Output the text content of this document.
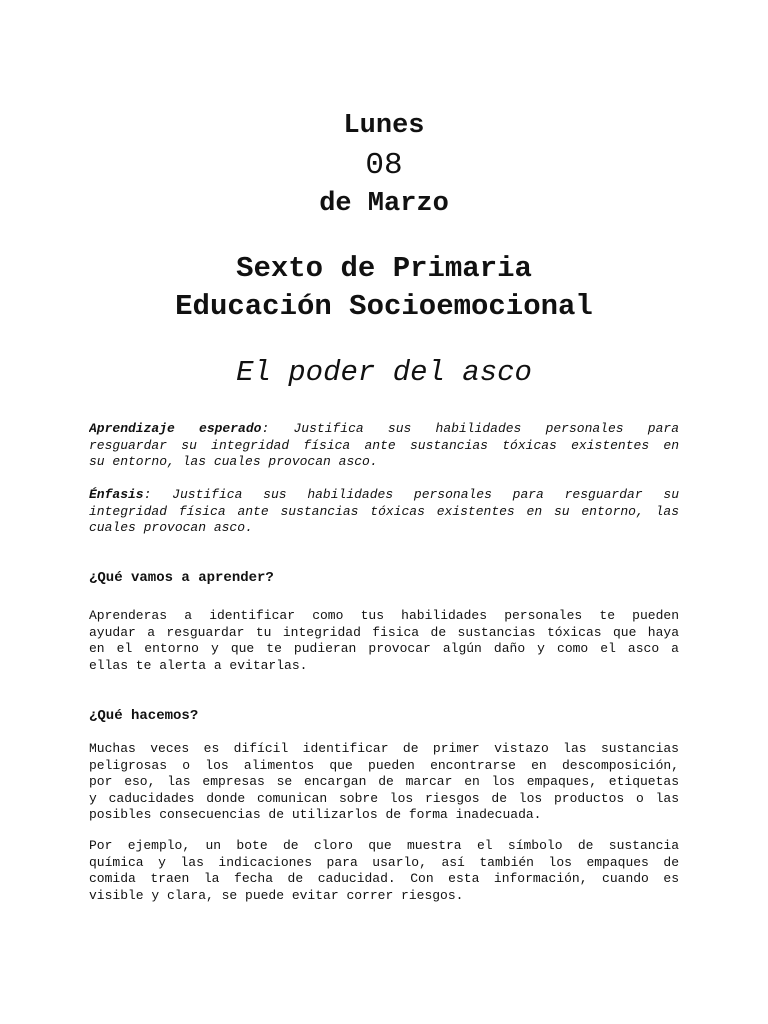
Lunes
08
de Marzo
Sexto de Primaria
Educación Socioemocional
El poder del asco
Aprendizaje esperado: Justifica sus habilidades personales para
resguardar su integridad física ante sustancias tóxicas existentes en
su entorno, las cuales provocan asco.
Énfasis: Justifica sus habilidades personales para resguardar su
integridad física ante sustancias tóxicas existentes en su entorno, las
cuales provocan asco.
¿Qué vamos a aprender?
Aprenderas a identificar como tus habilidades personales te pueden
ayudar a resguardar tu integridad fisica de sustancias tóxicas que haya
en el entorno y que te pudieran provocar algún daño y como el asco a
ellas te alerta a evitarlas.
¿Qué hacemos?
Muchas veces es difícil identificar de primer vistazo las sustancias
peligrosas o los alimentos que pueden encontrarse en descomposición,
por eso, las empresas se encargan de marcar en los empaques, etiquetas
y caducidades donde comunican sobre los riesgos de los productos o las
posibles consecuencias de utilizarlos de forma inadecuada.
Por ejemplo, un bote de cloro que muestra el símbolo de sustancia
química y las indicaciones para usarlo, así también los empaques de
comida traen la fecha de caducidad. Con esta información, cuando es
visible y clara, se puede evitar correr riesgos.
